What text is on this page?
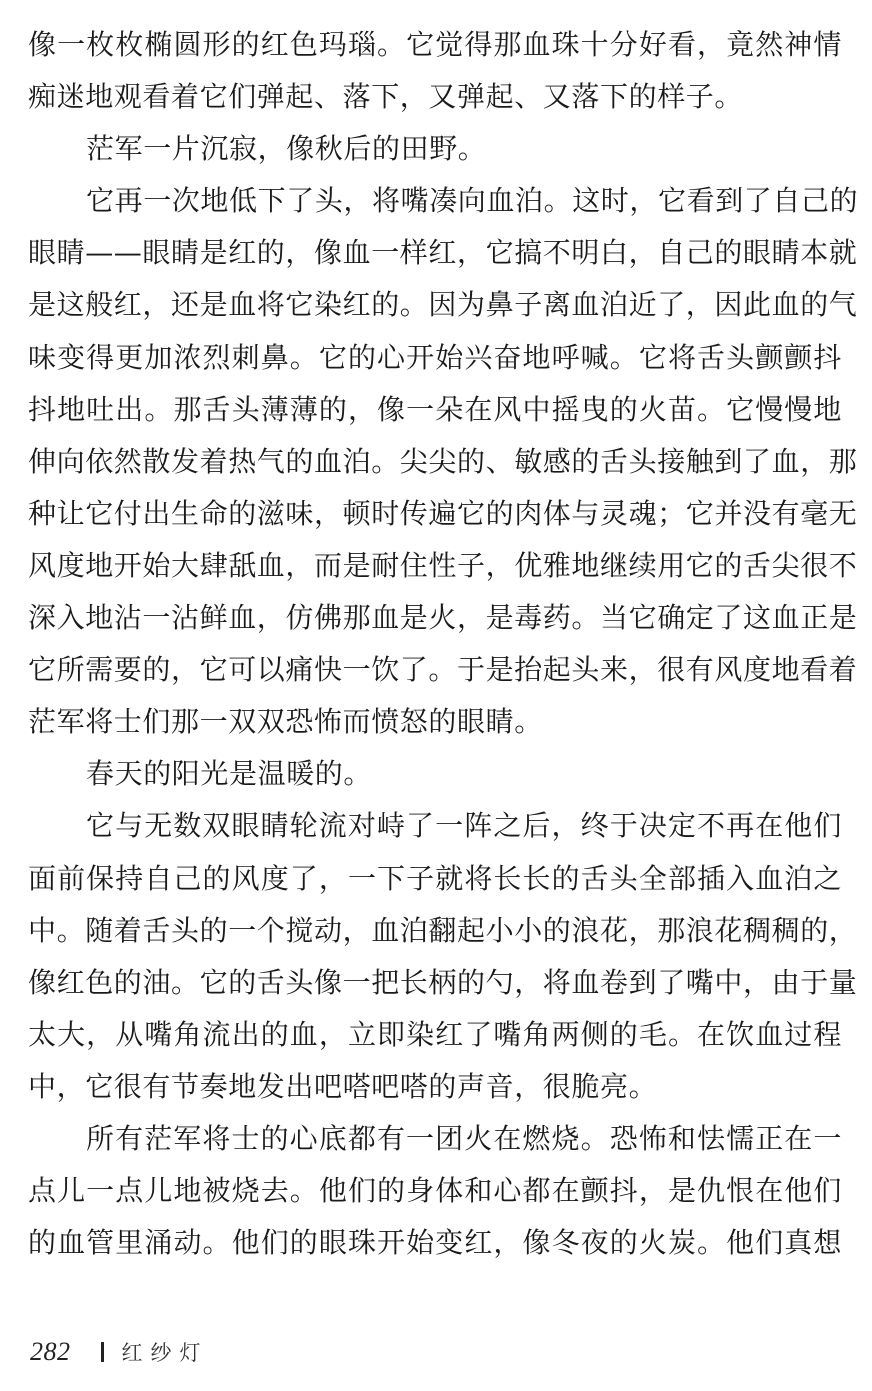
像一枚枚椭圆形的红色玛瑙。它觉得那血珠十分好看，竟然神情
痴迷地观看着它们弹起、落下，又弹起、又落下的样子。
茫军一片沉寂，像秋后的田野。
它再一次地低下了头，将嘴凑向血泊。这时，它看到了自己的
眼睛——眼睛是红的，像血一样红，它搞不明白，自己的眼睛本就
是这般红，还是血将它染红的。因为鼻子离血泊近了，因此血的气
味变得更加浓烈刺鼻。它的心开始兴奋地呼喊。它将舌头颤颤抖
抖地吐出。那舌头薄薄的，像一朵在风中摇曳的火苗。它慢慢地
伸向依然散发着热气的血泊。尖尖的、敏感的舌头接触到了血，那
种让它付出生命的滋味，顿时传遍它的肉体与灵魂；它并没有毫无
风度地开始大肆舐血，而是耐住性子，优雅地继续用它的舌尖很不
深入地沾一沾鲜血，仿佛那血是火，是毒药。当它确定了这血正是
它所需要的，它可以痛快一饮了。于是抬起头来，很有风度地看着
茫军将士们那一双双恐怖而愤怒的眼睛。
春天的阳光是温暖的。
它与无数双眼睛轮流对峙了一阵之后，终于决定不再在他们
面前保持自己的风度了，一下子就将长长的舌头全部插入血泊之
中。随着舌头的一个搅动，血泊翻起小小的浪花，那浪花稠稠的，
像红色的油。它的舌头像一把长柄的勺，将血卷到了嘴中，由于量
太大，从嘴角流出的血，立即染红了嘴角两侧的毛。在饮血过程
中，它很有节奏地发出吧嗒吧嗒的声音，很脆亮。
所有茫军将士的心底都有一团火在燃烧。恐怖和怯懦正在一
点儿一点儿地被烧去。他们的身体和心都在颤抖，是仇恨在他们
的血管里涌动。他们的眼珠开始变红，像冬夜的火炭。他们真想
282 红纱灯
